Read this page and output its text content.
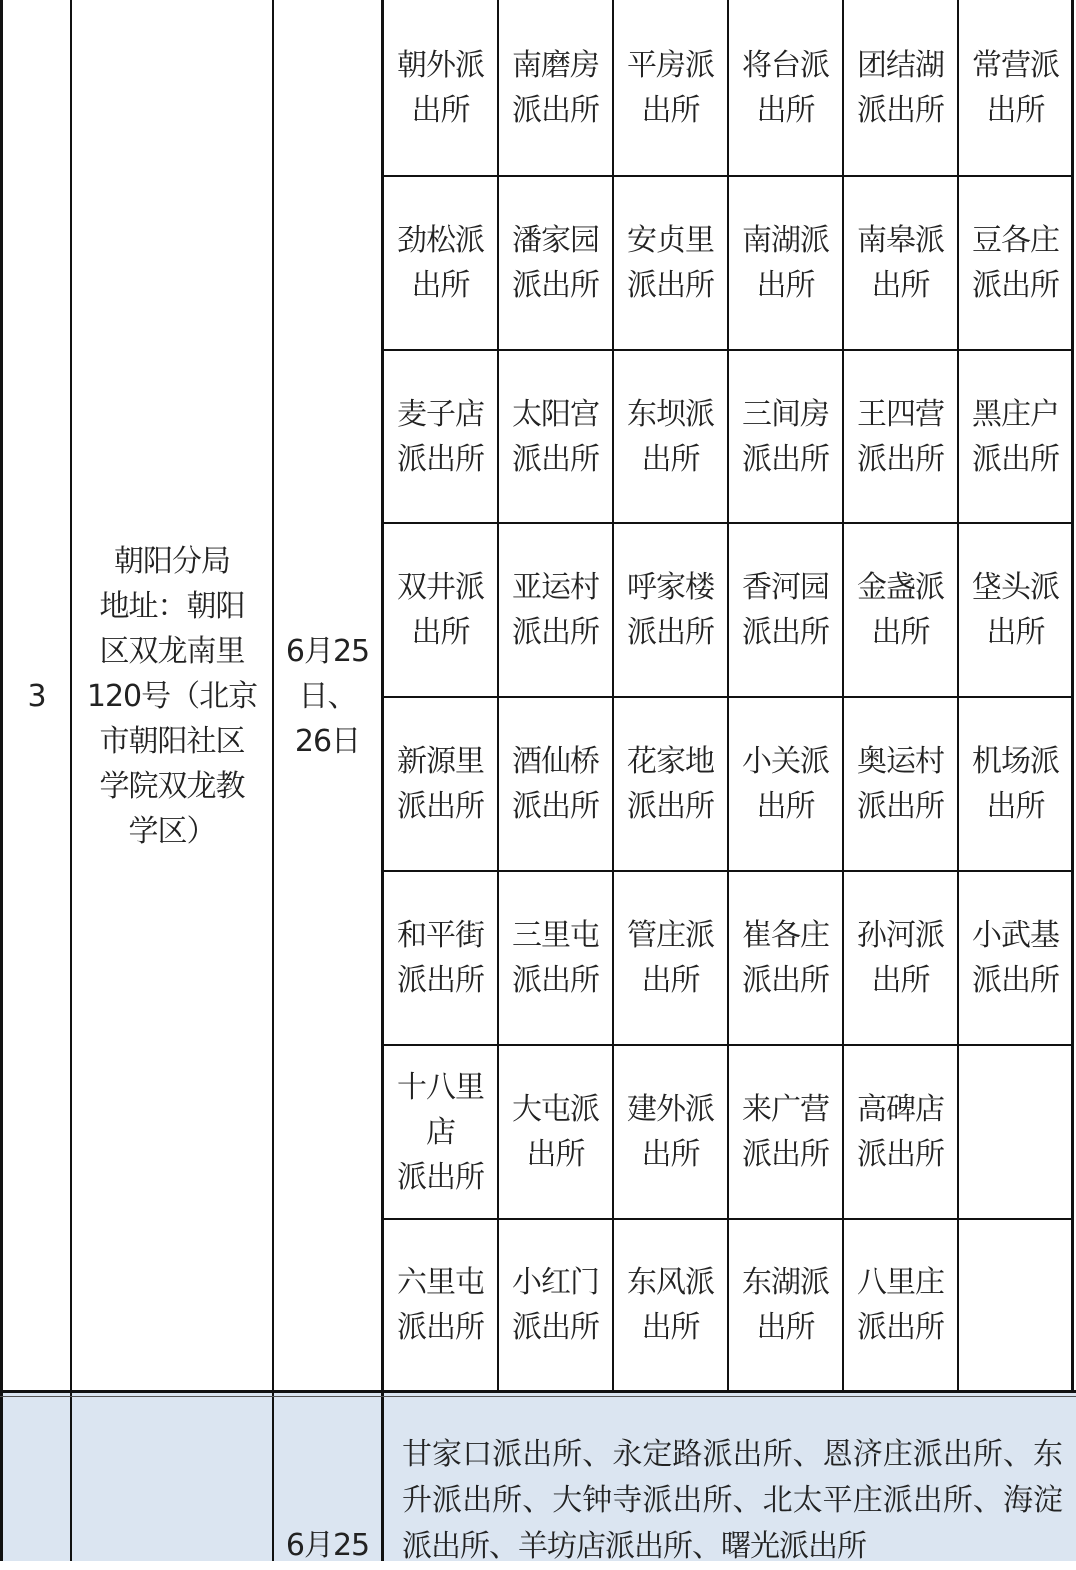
3
朝阳分局
地址：朝阳
区双龙南里
120号（北京
市朝阳社区
学院双龙教
学区）
6月25
日、
26日
朝外派
出所
南磨房
派出所
平房派
出所
将台派
出所
团结湖
派出所
常营派
出所
劲松派
出所
潘家园
派出所
安贞里
派出所
南湖派
出所
南皋派
出所
豆各庄
派出所
麦子店
派出所
太阳宫
派出所
东坝派
出所
三间房
派出所
王四营
派出所
黑庄户
派出所
双井派
出所
亚运村
派出所
呼家楼
派出所
香河园
派出所
金盏派
出所
垡头派
出所
新源里
派出所
酒仙桥
派出所
花家地
派出所
小关派
出所
奥运村
派出所
机场派
出所
和平街
派出所
三里屯
派出所
管庄派
出所
崔各庄
派出所
孙河派
出所
小武基
派出所
十八里
店
派出所
大屯派
出所
建外派
出所
来广营
派出所
高碑店
派出所
六里屯
派出所
小红门
派出所
东风派
出所
东湖派
出所
八里庄
派出所
6月25
甘家口派出所、永定路派出所、恩济庄派出所、东升派出所、大钟寺派出所、北太平庄派出所、海淀派出所、羊坊店派出所、曙光派出所
